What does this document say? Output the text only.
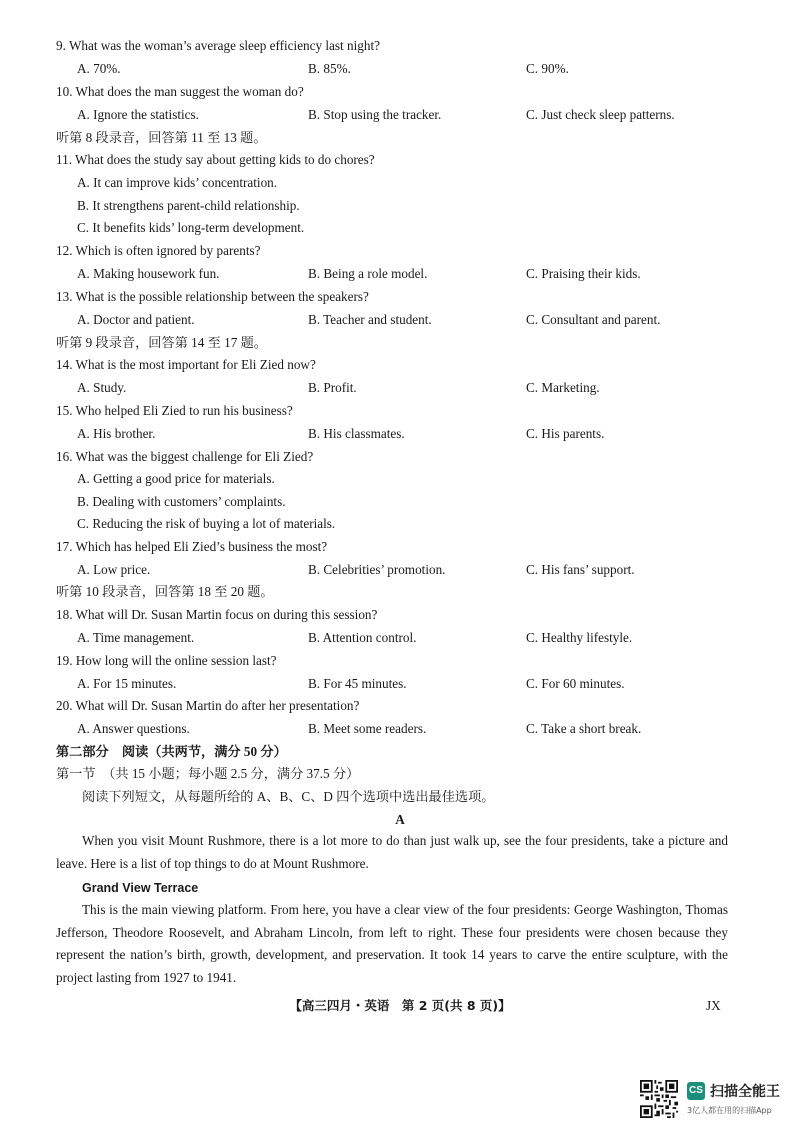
9. What was the woman’s average sleep efficiency last night?
A. 70%.	B. 85%.	C. 90%.
10. What does the man suggest the woman do?
A. Ignore the statistics.	B. Stop using the tracker.	C. Just check sleep patterns.
听第 8 段录音，回答第 11 至 13 题。
11. What does the study say about getting kids to do chores?
A. It can improve kids’ concentration.
B. It strengthens parent-child relationship.
C. It benefits kids’ long-term development.
12. Which is often ignored by parents?
A. Making housework fun.	B. Being a role model.	C. Praising their kids.
13. What is the possible relationship between the speakers?
A. Doctor and patient.	B. Teacher and student.	C. Consultant and parent.
听第 9 段录音，回答第 14 至 17 题。
14. What is the most important for Eli Zied now?
A. Study.	B. Profit.	C. Marketing.
15. Who helped Eli Zied to run his business?
A. His brother.	B. His classmates.	C. His parents.
16. What was the biggest challenge for Eli Zied?
A. Getting a good price for materials.
B. Dealing with customers’ complaints.
C. Reducing the risk of buying a lot of materials.
17. Which has helped Eli Zied’s business the most?
A. Low price.	B. Celebrities’ promotion.	C. His fans’ support.
听第 10 段录音，回答第 18 至 20 题。
18. What will Dr. Susan Martin focus on during this session?
A. Time management.	B. Attention control.	C. Healthy lifestyle.
19. How long will the online session last?
A. For 15 minutes.	B. For 45 minutes.	C. For 60 minutes.
20. What will Dr. Susan Martin do after her presentation?
A. Answer questions.	B. Meet some readers.	C. Take a short break.
第二部分　阅读（共两节，满分 50 分）
第一节　（共 15 小题；每小题 2.5 分，满分 37.5 分）
阅读下列短文，从每题所给的 A、B、C、D 四个选项中选出最佳选项。
A
When you visit Mount Rushmore, there is a lot more to do than just walk up, see the four presidents, take a picture and leave. Here is a list of top things to do at Mount Rushmore.
Grand View Terrace
This is the main viewing platform. From here, you have a clear view of the four presidents: George Washington, Thomas Jefferson, Theodore Roosevelt, and Abraham Lincoln, from left to right. These four presidents were chosen because they represent the nation’s birth, growth, development, and preservation. It took 14 years to carve the entire sculpture, with the project lasting from 1927 to 1941.
【高三四月・英语　第 2 页(共 8 页)】	JX
CS 扫描全能王
3亿人都在用的扫描App
